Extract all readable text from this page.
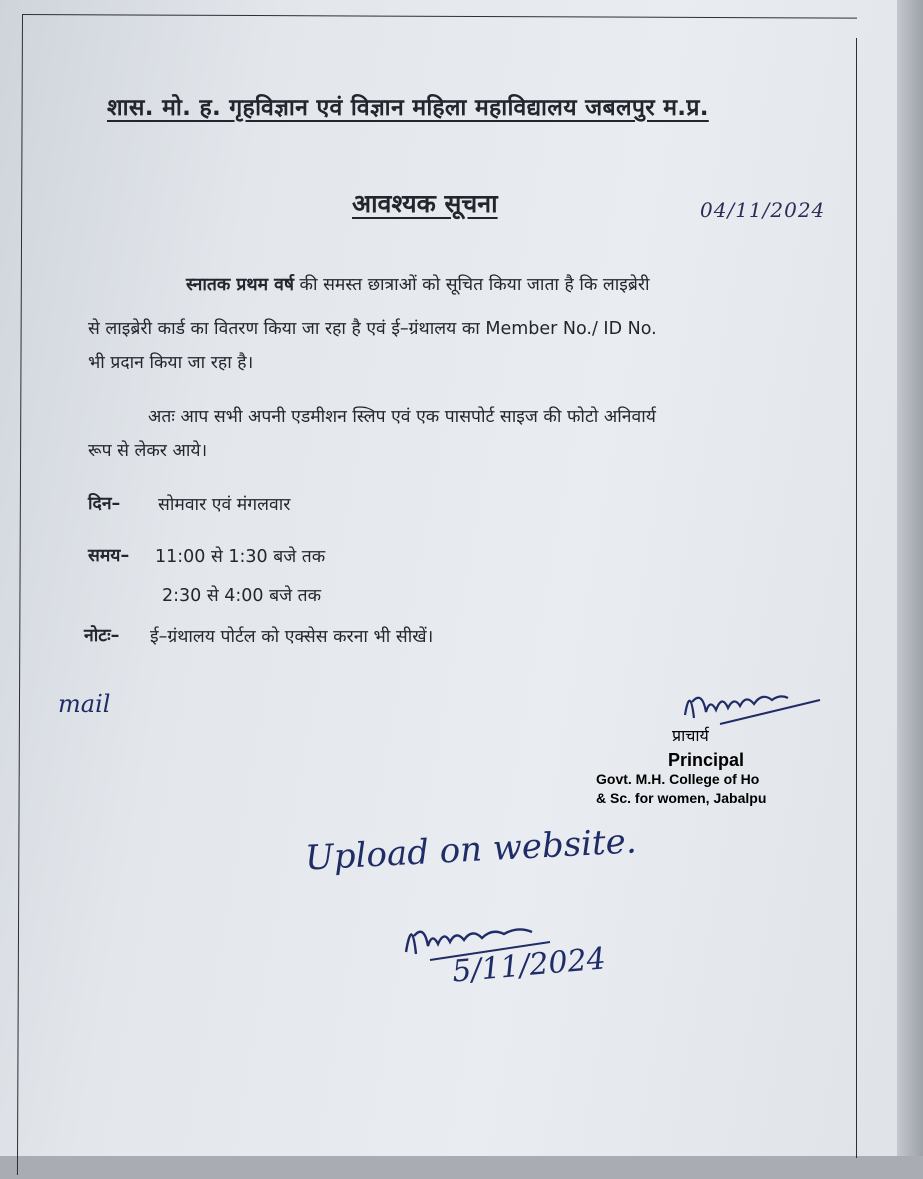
शास. मो. ह. गृहविज्ञान एवं विज्ञान महिला महाविद्यालय जबलपुर म.प्र.
आवश्यक सूचना	04/11/2024
स्नातक प्रथम वर्ष की समस्त छात्राओं को सूचित किया जाता है कि लाइब्रेरी
से लाइब्रेरी कार्ड का वितरण किया जा रहा है एवं ई–ग्रंथालय का Member No./ ID No.
भी प्रदान किया जा रहा है।
अतः आप सभी अपनी एडमीशन स्लिप एवं एक पासपोर्ट साइज की फोटो अनिवार्य
रूप से लेकर आये।
दिन– सोमवार एवं मंगलवार
समय– 11:00 से 1:30 बजे तक
2:30 से 4:00 बजे तक
नोटः– ई–ग्रंथालय पोर्टल को एक्सेस करना भी सीखें।
mail
प्राचार्य
Principal
Govt. M.H. College of Ho
& Sc. for women, Jabalpu
Upload on website.
5/11/2024
